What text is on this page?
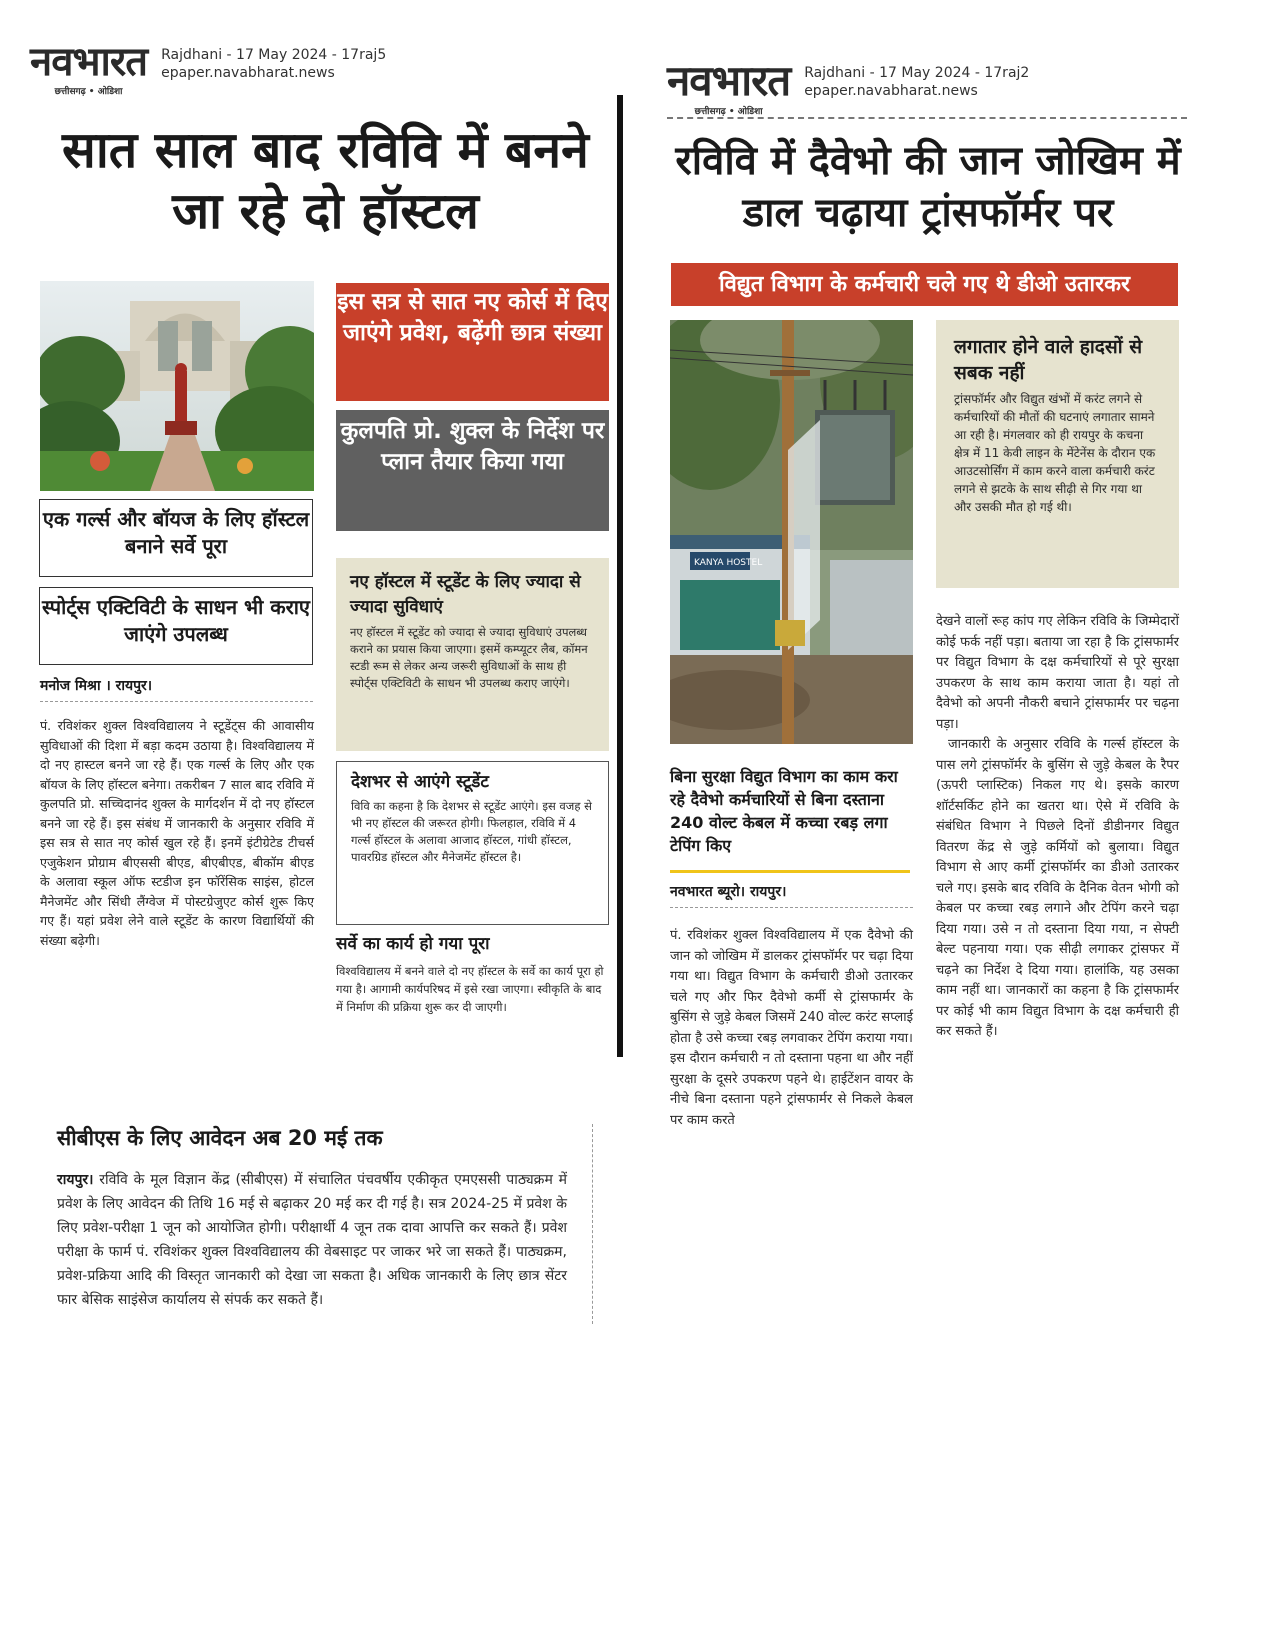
नवभारत
छत्तीसगढ़ • ओडिशा
Rajdhani - 17 May 2024 - 17raj5
epaper.navabharat.news
सात साल बाद रविवि में बनने जा रहे दो हॉस्टल
इस सत्र से सात नए कोर्स में दिए जाएंगे प्रवेश, बढ़ेंगी छात्र संख्या
कुलपति प्रो. शुक्ल के निर्देश पर प्लान तैयार किया गया
एक गर्ल्स और बॉयज के लिए हॉस्टल बनाने सर्वे पूरा
स्पोर्ट्स एक्टिविटी के साधन भी कराए जाएंगे उपलब्ध
मनोज मिश्रा । रायपुर।
पं. रविशंकर शुक्ल विश्वविद्यालय ने स्टूडेंट्स की आवासीय सुविधाओं की दिशा में बड़ा कदम उठाया है। विश्वविद्यालय में दो नए हास्टल बनने जा रहे हैं। एक गर्ल्स के लिए और एक बॉयज के लिए हॉस्टल बनेगा। तकरीबन 7 साल बाद रविवि में कुलपति प्रो. सच्चिदानंद शुक्ल के मार्गदर्शन में दो नए हॉस्टल बनने जा रहे हैं। इस संबंध में जानकारी के अनुसार रविवि में इस सत्र से सात नए कोर्स खुल रहे हैं। इनमें इंटीग्रेटेड टीचर्स एजुकेशन प्रोग्राम बीएससी बीएड, बीएबीएड, बीकॉम बीएड के अलावा स्कूल ऑफ स्टडीज इन फॉरेंसिक साइंस, होटल मैनेजमेंट और सिंधी लैंग्वेज में पोस्टग्रेजुएट कोर्स शुरू किए गए हैं। यहां प्रवेश लेने वाले स्टूडेंट के कारण विद्यार्थियों की संख्या बढ़ेगी।
नए हॉस्टल में स्टूडेंट के लिए ज्यादा से ज्यादा सुविधाएं
नए हॉस्टल में स्टूडेंट को ज्यादा से ज्यादा सुविधाएं उपलब्ध कराने का प्रयास किया जाएगा। इसमें कम्प्यूटर लैब, कॉमन स्टडी रूम से लेकर अन्य जरूरी सुविधाओं के साथ ही स्पोर्ट्स एक्टिविटी के साधन भी उपलब्ध कराए जाएंगे।
देशभर से आएंगे स्टूडेंट
विवि का कहना है कि देशभर से स्टूडेंट आएंगे। इस वजह से भी नए हॉस्टल की जरूरत होगी। फिलहाल, रविवि में 4 गर्ल्स हॉस्टल के अलावा आजाद हॉस्टल, गांधी हॉस्टल, पावरग्रिड हॉस्टल और मैनेजमेंट हॉस्टल है।
सर्वे का कार्य हो गया पूरा
विश्वविद्यालय में बनने वाले दो नए हॉस्टल के सर्वे का कार्य पूरा हो गया है। आगामी कार्यपरिषद में इसे रखा जाएगा। स्वीकृति के बाद में निर्माण की प्रक्रिया शुरू कर दी जाएगी।
सीबीएस के लिए आवेदन अब 20 मई तक
रायपुर। रविवि के मूल विज्ञान केंद्र (सीबीएस) में संचालित पंचवर्षीय एकीकृत एमएससी पाठ्यक्रम में प्रवेश के लिए आवेदन की तिथि 16 मई से बढ़ाकर 20 मई कर दी गई है। सत्र 2024-25 में प्रवेश के लिए प्रवेश-परीक्षा 1 जून को आयोजित होगी। परीक्षार्थी 4 जून तक दावा आपत्ति कर सकते हैं। प्रवेश परीक्षा के फार्म पं. रविशंकर शुक्ल विश्वविद्यालय की वेबसाइट पर जाकर भरे जा सकते हैं। पाठ्यक्रम, प्रवेश-प्रक्रिया आदि की विस्तृत जानकारी को देखा जा सकता है। अधिक जानकारी के लिए छात्र सेंटर फार बेसिक साइंसेज कार्यालय से संपर्क कर सकते हैं।
नवभारत
छत्तीसगढ़ • ओडिशा
Rajdhani - 17 May 2024 - 17raj2
epaper.navabharat.news
रविवि में दैवेभो की जान जोखिम में डाल चढ़ाया ट्रांसफॉर्मर पर
विद्युत विभाग के कर्मचारी चले गए थे डीओ उतारकर
KANYA HOSTEL
लगातार होने वाले हादसों से सबक नहीं
ट्रांसफॉर्मर और विद्युत खंभों में करंट लगने से कर्मचारियों की मौतों की घटनाएं लगातार सामने आ रही है। मंगलवार को ही रायपुर के कचना क्षेत्र में 11 केवी लाइन के मेंटेनेंस के दौरान एक आउटसोर्सिंग में काम करने वाला कर्मचारी करंट लगने से झटके के साथ सीढ़ी से गिर गया था और उसकी मौत हो गई थी।
बिना सुरक्षा विद्युत विभाग का काम करा रहे दैवेभो कर्मचारियों से बिना दस्ताना 240 वोल्ट केबल में कच्चा रबड़ लगा टेपिंग किए
नवभारत ब्यूरो। रायपुर।
पं. रविशंकर शुक्ल विश्वविद्यालय में एक दैवेभो की जान को जोखिम में डालकर ट्रांसफॉर्मर पर चढ़ा दिया गया था। विद्युत विभाग के कर्मचारी डीओ उतारकर चले गए और फिर दैवेभो कर्मी से ट्रांसफार्मर के बुसिंग से जुड़े केबल जिसमें 240 वोल्ट करंट सप्लाई होता है उसे कच्चा रबड़ लगवाकर टेपिंग कराया गया। इस दौरान कर्मचारी न तो दस्ताना पहना था और नहीं सुरक्षा के दूसरे उपकरण पहने थे। हाईटेंशन वायर के नीचे बिना दस्ताना पहने ट्रांसफार्मर से निकले केबल पर काम करते
देखने वालों रूह कांप गए लेकिन रविवि के जिम्मेदारों कोई फर्क नहीं पड़ा। बताया जा रहा है कि ट्रांसफार्मर पर विद्युत विभाग के दक्ष कर्मचारियों से पूरे सुरक्षा उपकरण के साथ काम कराया जाता है। यहां तो दैवेभो को अपनी नौकरी बचाने ट्रांसफार्मर पर चढ़ना पड़ा।
जानकारी के अनुसार रविवि के गर्ल्स हॉस्टल के पास लगे ट्रांसफॉर्मर के बुसिंग से जुड़े केबल के रैपर (ऊपरी प्लास्टिक) निकल गए थे। इसके कारण शॉर्टसर्किट होने का खतरा था। ऐसे में रविवि के संबंधित विभाग ने पिछले दिनों डीडीनगर विद्युत वितरण केंद्र से जुड़े कर्मियों को बुलाया। विद्युत विभाग से आए कर्मी ट्रांसफॉर्मर का डीओ उतारकर चले गए। इसके बाद रविवि के दैनिक वेतन भोगी को केबल पर कच्चा रबड़ लगाने और टेपिंग करने चढ़ा दिया गया। उसे न तो दस्ताना दिया गया, न सेफ्टी बेल्ट पहनाया गया। एक सीढ़ी लगाकर ट्रांसफर में चढ़ने का निर्देश दे दिया गया। हालांकि, यह उसका काम नहीं था। जानकारों का कहना है कि ट्रांसफार्मर पर कोई भी काम विद्युत विभाग के दक्ष कर्मचारी ही कर सकते हैं।
